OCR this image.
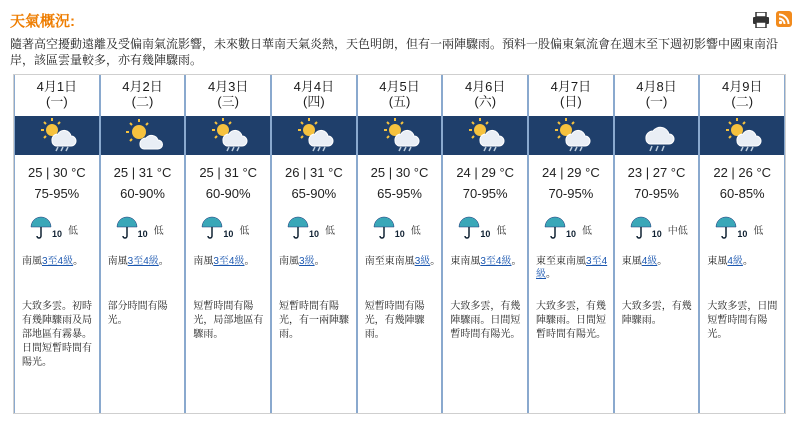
天氣概況:
隨著高空擾動遠離及受偏南氣流影響，未來數日華南天氣炎熱，天色明朗，但有一兩陣驟雨。預料一股偏東氣流會在週末至下週初影響中國東南沿岸，該區雲量較多，亦有幾陣驟雨。
4月1日
(一)
25 | 30 °C
75-95%
10 低
南風3至4級。
大致多雲。初時有幾陣驟雨及局部地區有霧暴。日間短暫時間有陽光。
4月2日
(二)
25 | 31 °C
60-90%
10 低
南風3至4級。
部分時間有陽光。
4月3日
(三)
25 | 31 °C
60-90%
10 低
南風3至4級。
短暫時間有陽光，局部地區有驟雨。
4月4日
(四)
26 | 31 °C
65-90%
10 低
南風3級。
短暫時間有陽光，有一兩陣驟雨。
4月5日
(五)
25 | 30 °C
65-95%
10 低
南至東南風3級。
短暫時間有陽光，有幾陣驟雨。
4月6日
(六)
24 | 29 °C
70-95%
10 低
東南風3至4級。
大致多雲，有幾陣驟雨。日間短暫時間有陽光。
4月7日
(日)
24 | 29 °C
70-95%
10 低
東至東南風3至4級。
大致多雲，有幾陣驟雨。日間短暫時間有陽光。
4月8日
(一)
23 | 27 °C
70-95%
10 中低
東風4級。
大致多雲，有幾陣驟雨。
4月9日
(二)
22 | 26 °C
60-85%
10 低
東風4級。
大致多雲，日間短暫時間有陽光。
